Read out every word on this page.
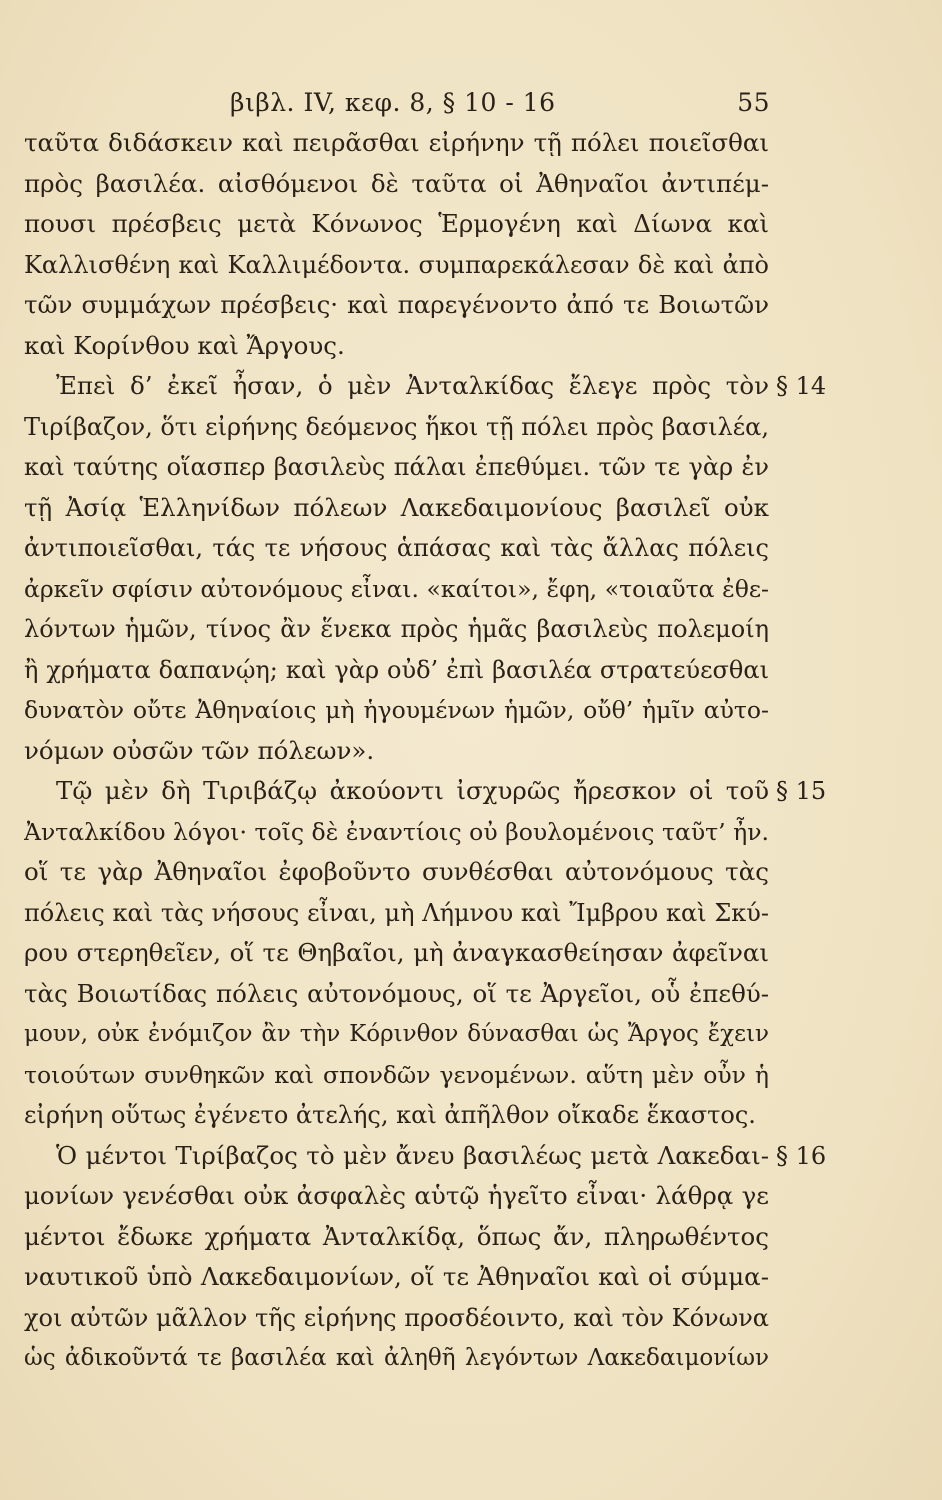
βιβλ. IV, κεφ. 8, § 10 - 16	55
ταῦτα διδάσκειν καὶ πειρᾶσθαι εἰρήνην τῇ πόλει ποιεῖσθαι
πρὸς βασιλέα. αἰσθόμενοι δὲ ταῦτα οἱ Ἀθηναῖοι ἀντιπέμ-
πουσι πρέσβεις μετὰ Κόνωνος Ἑρμογένη καὶ Δίωνα καὶ
Καλλισθένη καὶ Καλλιμέδοντα. συμπαρεκάλεσαν δὲ καὶ ἀπὸ
τῶν συμμάχων πρέσβεις· καὶ παρεγένοντο ἀπό τε Βοιωτῶν
καὶ Κορίνθου καὶ Ἄργους.
Ἐπεὶ δ’ ἐκεῖ ἦσαν, ὁ μὲν Ἀνταλκίδας ἔλεγε πρὸς τὸν
Τιρίβαζον, ὅτι εἰρήνης δεόμενος ἥκοι τῇ πόλει πρὸς βασιλέα,
καὶ ταύτης οἵασπερ βασιλεὺς πάλαι ἐπεθύμει. τῶν τε γὰρ ἐν
τῇ Ἀσίᾳ Ἑλληνίδων πόλεων Λακεδαιμονίους βασιλεῖ οὐκ
ἀντιποιεῖσθαι, τάς τε νήσους ἁπάσας καὶ τὰς ἄλλας πόλεις
ἀρκεῖν σφίσιν αὐτονόμους εἶναι. «καίτοι», ἔφη, «τοιαῦτα ἐθε-
λόντων ἡμῶν, τίνος ἂν ἕνεκα πρὸς ἡμᾶς βασιλεὺς πολεμοίη
ἢ χρήματα δαπανῴη; καὶ γὰρ οὐδ’ ἐπὶ βασιλέα στρατεύεσθαι
δυνατὸν οὔτε Ἀθηναίοις μὴ ἡγουμένων ἡμῶν, οὔθ’ ἡμῖν αὐτο-
νόμων οὐσῶν τῶν πόλεων».
Τῷ μὲν δὴ Τιριβάζῳ ἀκούοντι ἰσχυρῶς ἤρεσκον οἱ τοῦ
Ἀνταλκίδου λόγοι· τοῖς δὲ ἐναντίοις οὐ βουλομένοις ταῦτ’ ἦν.
οἵ τε γὰρ Ἀθηναῖοι ἐφοβοῦντο συνθέσθαι αὐτονόμους τὰς
πόλεις καὶ τὰς νήσους εἶναι, μὴ Λήμνου καὶ Ἴμβρου καὶ Σκύ-
ρου στερηθεῖεν, οἵ τε Θηβαῖοι, μὴ ἀναγκασθείησαν ἀφεῖναι
τὰς Βοιωτίδας πόλεις αὐτονόμους, οἵ τε Ἀργεῖοι, οὗ ἐπεθύ-
μουν, οὐκ ἐνόμιζον ἂν τὴν Κόρινθον δύνασθαι ὡς Ἄργος ἔχειν
τοιούτων συνθηκῶν καὶ σπονδῶν γενομένων. αὕτη μὲν οὖν ἡ
εἰρήνη οὕτως ἐγένετο ἀτελής, καὶ ἀπῆλθον οἴκαδε ἕκαστος.
Ὁ μέντοι Τιρίβαζος τὸ μὲν ἄνευ βασιλέως μετὰ Λακεδαι-
μονίων γενέσθαι οὐκ ἀσφαλὲς αὑτῷ ἡγεῖτο εἶναι· λάθρᾳ γε
μέντοι ἔδωκε χρήματα Ἀνταλκίδᾳ, ὅπως ἄν, πληρωθέντος
ναυτικοῦ ὑπὸ Λακεδαιμονίων, οἵ τε Ἀθηναῖοι καὶ οἱ σύμμα-
χοι αὐτῶν μᾶλλον τῆς εἰρήνης προσδέοιντο, καὶ τὸν Κόνωνα
ὡς ἀδικοῦντά τε βασιλέα καὶ ἀληθῆ λεγόντων Λακεδαιμονίων
§ 14
§ 15
§ 16
